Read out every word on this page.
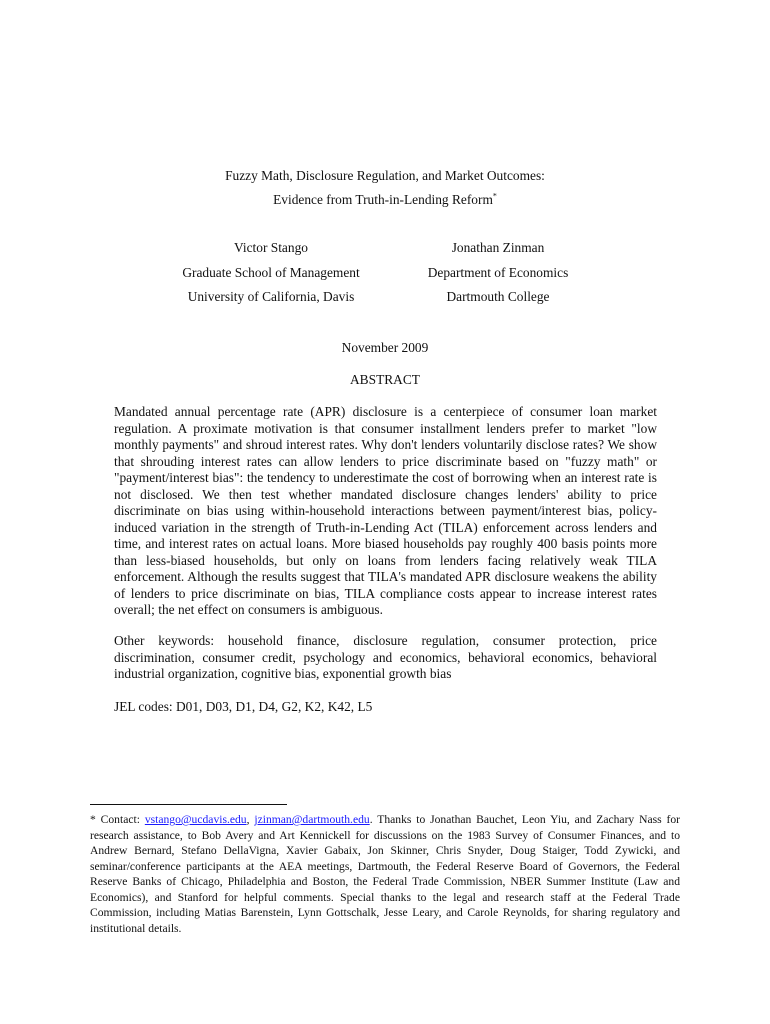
Fuzzy Math, Disclosure Regulation, and Market Outcomes:
Evidence from Truth-in-Lending Reform*
Victor Stango
Graduate School of Management
University of California, Davis
Jonathan Zinman
Department of Economics
Dartmouth College
November 2009
ABSTRACT
Mandated annual percentage rate (APR) disclosure is a centerpiece of consumer loan market regulation. A proximate motivation is that consumer installment lenders prefer to market "low monthly payments" and shroud interest rates. Why don't lenders voluntarily disclose rates? We show that shrouding interest rates can allow lenders to price discriminate based on "fuzzy math" or "payment/interest bias": the tendency to underestimate the cost of borrowing when an interest rate is not disclosed. We then test whether mandated disclosure changes lenders' ability to price discriminate on bias using within-household interactions between payment/interest bias, policy-induced variation in the strength of Truth-in-Lending Act (TILA) enforcement across lenders and time, and interest rates on actual loans. More biased households pay roughly 400 basis points more than less-biased households, but only on loans from lenders facing relatively weak TILA enforcement. Although the results suggest that TILA's mandated APR disclosure weakens the ability of lenders to price discriminate on bias, TILA compliance costs appear to increase interest rates overall; the net effect on consumers is ambiguous.
Other keywords: household finance, disclosure regulation, consumer protection, price discrimination, consumer credit, psychology and economics, behavioral economics, behavioral industrial organization, cognitive bias, exponential growth bias
JEL codes: D01, D03, D1, D4, G2, K2, K42, L5
* Contact: vstango@ucdavis.edu, jzinman@dartmouth.edu. Thanks to Jonathan Bauchet, Leon Yiu, and Zachary Nass for research assistance, to Bob Avery and Art Kennickell for discussions on the 1983 Survey of Consumer Finances, and to Andrew Bernard, Stefano DellaVigna, Xavier Gabaix, Jon Skinner, Chris Snyder, Doug Staiger, Todd Zywicki, and seminar/conference participants at the AEA meetings, Dartmouth, the Federal Reserve Board of Governors, the Federal Reserve Banks of Chicago, Philadelphia and Boston, the Federal Trade Commission, NBER Summer Institute (Law and Economics), and Stanford for helpful comments. Special thanks to the legal and research staff at the Federal Trade Commission, including Matias Barenstein, Lynn Gottschalk, Jesse Leary, and Carole Reynolds, for sharing regulatory and institutional details.
